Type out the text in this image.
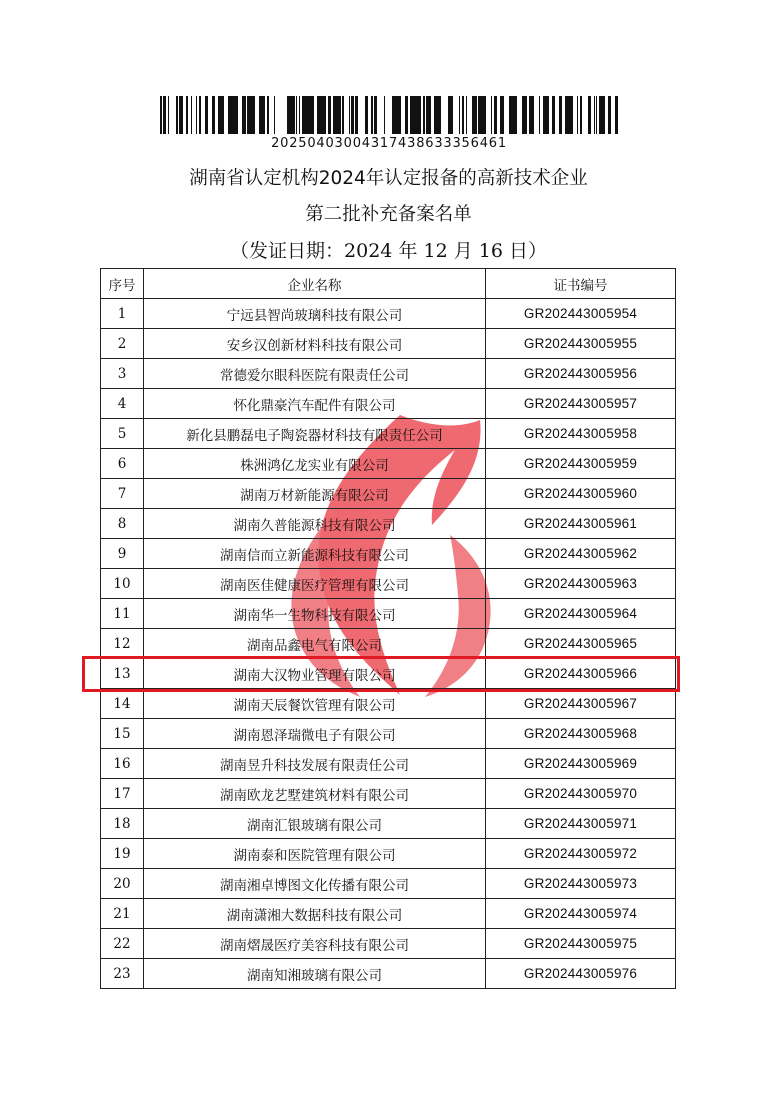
20250403004317438633356461
湖南省认定机构2024年认定报备的高新技术企业
第二批补充备案名单
（发证日期：2024 年 12 月 16 日）
序号	企业名称	证书编号
1	宁远县智尚玻璃科技有限公司	GR202443005954
2	安乡汉创新材料科技有限公司	GR202443005955
3	常德爱尔眼科医院有限责任公司	GR202443005956
4	怀化鼎豪汽车配件有限公司	GR202443005957
5	新化县鹏磊电子陶瓷器材科技有限责任公司	GR202443005958
6	株洲鸿亿龙实业有限公司	GR202443005959
7	湖南万材新能源有限公司	GR202443005960
8	湖南久普能源科技有限公司	GR202443005961
9	湖南信而立新能源科技有限公司	GR202443005962
10	湖南医佳健康医疗管理有限公司	GR202443005963
11	湖南华一生物科技有限公司	GR202443005964
12	湖南品鑫电气有限公司	GR202443005965
13	湖南大汉物业管理有限公司	GR202443005966
14	湖南天辰餐饮管理有限公司	GR202443005967
15	湖南恩泽瑞微电子有限公司	GR202443005968
16	湖南昱升科技发展有限责任公司	GR202443005969
17	湖南欧龙艺墅建筑材料有限公司	GR202443005970
18	湖南汇银玻璃有限公司	GR202443005971
19	湖南泰和医院管理有限公司	GR202443005972
20	湖南湘卓博图文化传播有限公司	GR202443005973
21	湖南潇湘大数据科技有限公司	GR202443005974
22	湖南熠晟医疗美容科技有限公司	GR202443005975
23	湖南知湘玻璃有限公司	GR202443005976
